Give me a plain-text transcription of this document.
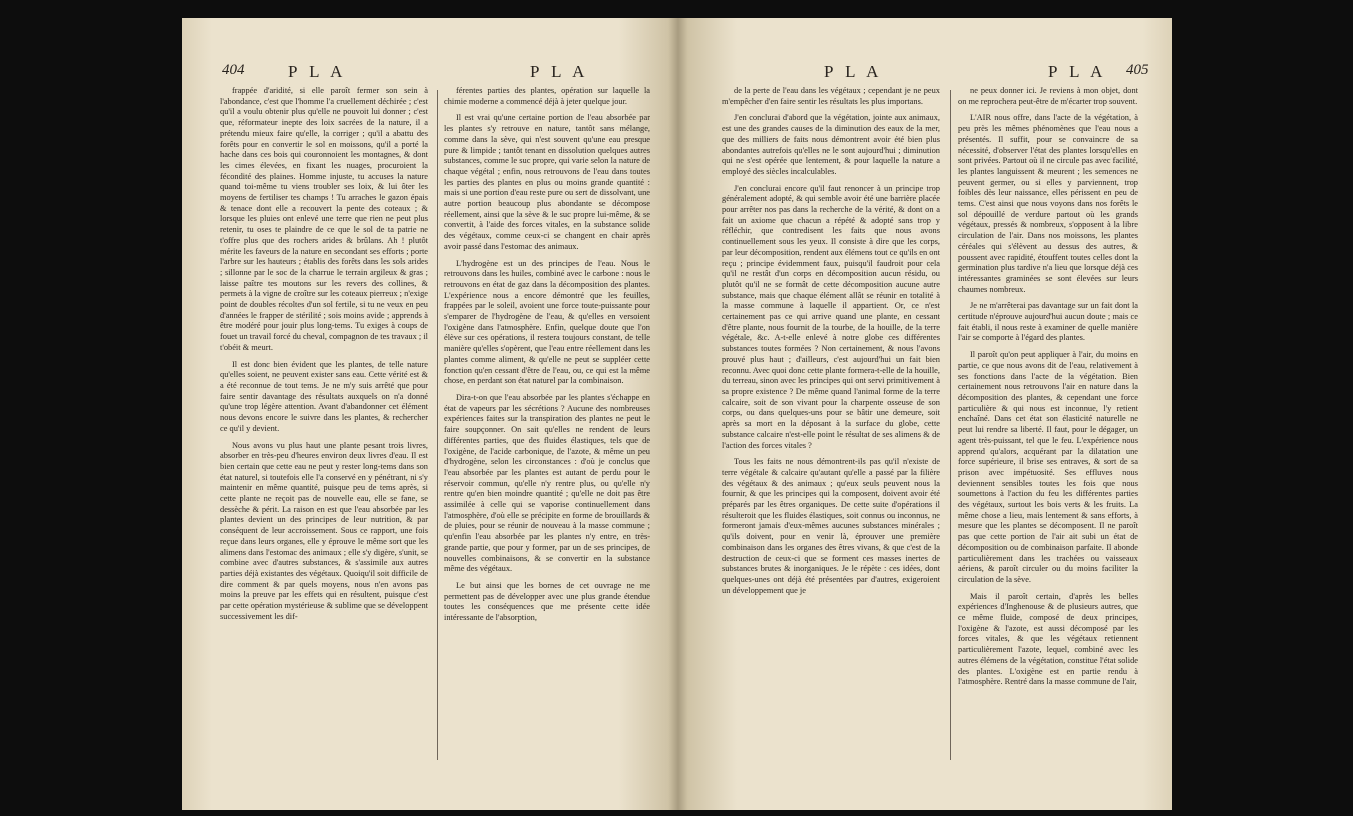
404	P L A	P L A

frappée d'aridité, si elle paroît fermer son sein à l'abondance, c'est que l'homme l'a cruellement déchirée ; c'est qu'il a voulu obtenir plus qu'elle ne pouvoit lui donner ; c'est que, réformateur inepte des loix sacrées de la nature, il a prétendu mieux faire qu'elle, la corriger ; qu'il a abattu des forêts pour en convertir le sol en moissons, qu'il a porté la hache dans ces bois qui couronnoient les montagnes, & dont les cimes élevées, en fixant les nuages, procuroient la fécondité des plaines. Homme injuste, tu accuses la nature quand toi-même tu viens troubler ses loix, & lui ôter les moyens de fertiliser tes champs ! Tu arraches le gazon épais & tenace dont elle a recouvert la pente des coteaux ; & lorsque les pluies ont enlevé une terre que rien ne peut plus retenir, tu oses te plaindre de ce que le sol de ta patrie ne t'offre plus que des rochers arides & brûlans. Ah ! plutôt mérite les faveurs de la nature en secondant ses efforts ; porte l'arbre sur les hauteurs ; établis des forêts dans les sols arides ; sillonne par le soc de la charrue le terrain argileux & gras ; laisse paître tes moutons sur les revers des collines, & permets à la vigne de croître sur les coteaux pierreux ; n'exige point de doubles récoltes d'un sol fertile, si tu ne veux en peu d'années le frapper de stérilité ; sois moins avide ; apprends à être modéré pour jouir plus long-tems. Tu exiges à coups de fouet un travail forcé du cheval, compagnon de tes travaux ; il t'obéit & meurt.

Il est donc bien évident que les plantes, de telle nature qu'elles soient, ne peuvent exister sans eau. Cette vérité est & a été reconnue de tout tems. Je ne m'y suis arrêté que pour faire sentir davantage des résultats auxquels on n'a donné qu'une trop légère attention. Avant d'abandonner cet élément nous devons encore le suivre dans les plantes, & rechercher ce qu'il y devient.

Nous avons vu plus haut une plante pesant trois livres, absorber en très-peu d'heures environ deux livres d'eau. Il est bien certain que cette eau ne peut y rester long-tems dans son état naturel, si toutefois elle l'a conservé en y pénétrant, ni s'y maintenir en même quantité, puisque peu de tems après, si cette plante ne reçoit pas de nouvelle eau, elle se fane, se dessèche & périt. La raison en est que l'eau absorbée par les plantes devient un des principes de leur nutrition, & par conséquent de leur accroissement. Sous ce rapport, une fois reçue dans leurs organes, elle y éprouve le même sort que les alimens dans l'estomac des animaux ; elle s'y digère, s'unit, se combine avec d'autres substances, & s'assimile aux autres parties déjà existantes des végétaux. Quoiqu'il soit difficile de dire comment & par quels moyens, nous n'en avons pas moins la preuve par les effets qui en résultent, puisque c'est par cette opération mystérieuse & sublime que se développent successivement les dif-

férentes parties des plantes, opération sur laquelle la chimie moderne a commencé déjà à jeter quelque jour.

Il est vrai qu'une certaine portion de l'eau absorbée par les plantes s'y retrouve en nature, tantôt sans mélange, comme dans la sève, qui n'est souvent qu'une eau presque pure & limpide ; tantôt tenant en dissolution quelques autres substances, comme le suc propre, qui varie selon la nature de chaque végétal ; enfin, nous retrouvons de l'eau dans toutes les parties des plantes en plus ou moins grande quantité : mais si une portion d'eau reste pure ou sert de dissolvant, une autre portion beaucoup plus abondante se décompose réellement, ainsi que la sève & le suc propre lui-même, & se convertit, à l'aide des forces vitales, en la substance solide des végétaux, comme ceux-ci se changent en chair après avoir passé dans l'estomac des animaux.

L'hydrogène est un des principes de l'eau. Nous le retrouvons dans les huiles, combiné avec le carbone : nous le retrouvons en état de gaz dans la décomposition des plantes. L'expérience nous a encore démontré que les feuilles, frappées par le soleil, avoient une force toute-puissante pour s'emparer de l'hydrogène de l'eau, & qu'elles en versoient l'oxigène dans l'atmosphère. Enfin, quelque doute que l'on élève sur ces opérations, il restera toujours constant, de telle manière qu'elles s'opèrent, que l'eau entre réellement dans les plantes comme aliment, & qu'elle ne peut se suppléer cette fonction qu'en cessant d'être de l'eau, ou, ce qui est la même chose, en perdant son état naturel par la combinaison.

Dira-t-on que l'eau absorbée par les plantes s'échappe en état de vapeurs par les sécrétions ? Aucune des nombreuses expériences faites sur la transpiration des plantes ne peut le faire soupçonner. On sait qu'elles ne rendent de leurs différentes parties, que des fluides élastiques, tels que de l'oxigène, de l'acide carbonique, de l'azote, & même un peu d'hydrogène, selon les circonstances : d'où je conclus que l'eau absorbée par les plantes est autant de perdu pour le réservoir commun, qu'elle n'y rentre plus, ou qu'elle n'y rentre qu'en bien moindre quantité ; qu'elle ne doit pas être assimilée à celle qui se vaporise continuellement dans l'atmosphère, d'où elle se précipite en forme de brouillards & de pluies, pour se réunir de nouveau à la masse commune ; qu'enfin l'eau absorbée par les plantes n'y entre, en très-grande partie, que pour y former, par un de ses principes, de nouvelles combinaisons, & se convertir en la substance même des végétaux.

Le but ainsi que les bornes de cet ouvrage ne me permettent pas de développer avec une plus grande étendue toutes les conséquences que me présente cette idée intéressante de l'absorption,

P L A	P L A 405

de la perte de l'eau dans les végétaux ; cependant je ne peux m'empêcher d'en faire sentir les résultats les plus importans.

J'en conclurai d'abord que la végétation, jointe aux animaux, est une des grandes causes de la diminution des eaux de la mer, que des milliers de faits nous démontrent avoir été bien plus abondantes autrefois qu'elles ne le sont aujourd'hui ; diminution qui ne s'est opérée que lentement, & pour laquelle la nature a employé des siècles incalculables.

J'en conclurai encore qu'il faut renoncer à un principe trop généralement adopté, & qui semble avoir été une barrière placée pour arrêter nos pas dans la recherche de la vérité, & dont on a fait un axiome que chacun a répété & adopté sans trop y réfléchir, que contredisent les faits que nous avons continuellement sous les yeux. Il consiste à dire que les corps, par leur décomposition, rendent aux élémens tout ce qu'ils en ont reçu ; principe évidemment faux, puisqu'il faudroit pour cela qu'il ne restât d'un corps en décomposition aucun résidu, ou plutôt qu'il ne se formât de cette décomposition aucune autre substance, mais que chaque élément allât se réunir en totalité à la masse commune à laquelle il appartient. Or, ce n'est certainement pas ce qui arrive quand une plante, en cessant d'être plante, nous fournit de la tourbe, de la houille, de la terre végétale, &c. A-t-elle enlevé à notre globe ces différentes substances toutes formées ? Non certainement, & nous l'avons prouvé plus haut ; d'ailleurs, c'est aujourd'hui un fait bien reconnu. Avec quoi donc cette plante formera-t-elle de la houille, du terreau, sinon avec les principes qui ont servi primitivement à sa propre existence ? De même quand l'animal forme de la terre calcaire, soit de son vivant pour la charpente osseuse de son corps, ou dans quelques-uns pour se bâtir une demeure, soit après sa mort en la déposant à la surface du globe, cette substance calcaire n'est-elle point le résultat de ses alimens & de l'action des forces vitales ?

Tous les faits ne nous démontrent-ils pas qu'il n'existe de terre végétale & calcaire qu'autant qu'elle a passé par la filière des végétaux & des animaux ; qu'eux seuls peuvent nous la fournir, & que les principes qui la composent, doivent avoir été préparés par les êtres organiques. De cette suite d'opérations il résulteroit que les fluides élastiques, soit connus ou inconnus, ne formeront jamais d'eux-mêmes aucunes substances minérales ; qu'ils doivent, pour en venir là, éprouver une première combinaison dans les organes des êtres vivans, & que c'est de la destruction de ceux-ci que se forment ces masses inertes de substances brutes & inorganiques. Je le répète : ces idées, dont quelques-unes ont déjà été présentées par d'autres, exigeroient un développement que je

ne peux donner ici. Je reviens à mon objet, dont on me reprochera peut-être de m'écarter trop souvent.

L'AIR nous offre, dans l'acte de la végétation, à peu près les mêmes phénomènes que l'eau nous a présentés. Il suffit, pour se convaincre de sa nécessité, d'observer l'état des plantes lorsqu'elles en sont privées. Partout où il ne circule pas avec facilité, les plantes languissent & meurent ; les semences ne peuvent germer, ou si elles y parviennent, trop foibles dès leur naissance, elles périssent en peu de tems. C'est ainsi que nous voyons dans nos forêts le sol dépouillé de verdure partout où les grands végétaux, pressés & nombreux, s'opposent à la libre circulation de l'air. Dans nos moissons, les plantes céréales qui s'élèvent au dessus des autres, & poussent avec rapidité, étouffent toutes celles dont la germination plus tardive n'a lieu que lorsque déjà ces intéressantes graminées se sont élevées sur leurs chaumes nombreux.

Je ne m'arrêterai pas davantage sur un fait dont la certitude n'éprouve aujourd'hui aucun doute ; mais ce fait établi, il nous reste à examiner de quelle manière l'air se comporte à l'égard des plantes.

Il paroît qu'on peut appliquer à l'air, du moins en partie, ce que nous avons dit de l'eau, relativement à ses fonctions dans l'acte de la végétation. Bien certainement nous retrouvons l'air en nature dans la décomposition des plantes, & cependant une force particulière & qui nous est inconnue, l'y retient enchaîné. Dans cet état son élasticité naturelle ne peut lui rendre sa liberté. Il faut, pour le dégager, un agent très-puissant, tel que le feu. L'expérience nous apprend qu'alors, acquérant par la dilatation une force supérieure, il brise ses entraves, & sort de sa prison avec impétuosité. Ses effluves nous deviennent sensibles toutes les fois que nous soumettons à l'action du feu les différentes parties des végétaux, surtout les bois verts & les fruits. La même chose a lieu, mais lentement & sans efforts, à mesure que les plantes se décomposent. Il ne paroît pas que cette portion de l'air ait subi un état de décomposition ou de combinaison parfaite. Il abonde particulièrement dans les trachées ou vaisseaux aériens, & paroît circuler ou du moins faciliter la circulation de la sève.

Mais il paroît certain, d'après les belles expériences d'Inghenouse & de plusieurs autres, que ce même fluide, composé de deux principes, l'oxigène & l'azote, est aussi décomposé par les forces vitales, & que les végétaux retiennent particulièrement l'azote, lequel, combiné avec les autres élémens de la végétation, constitue l'état solide des plantes. L'oxigène est en partie rendu à l'atmosphère. Rentré dans la masse commune de l'air,
